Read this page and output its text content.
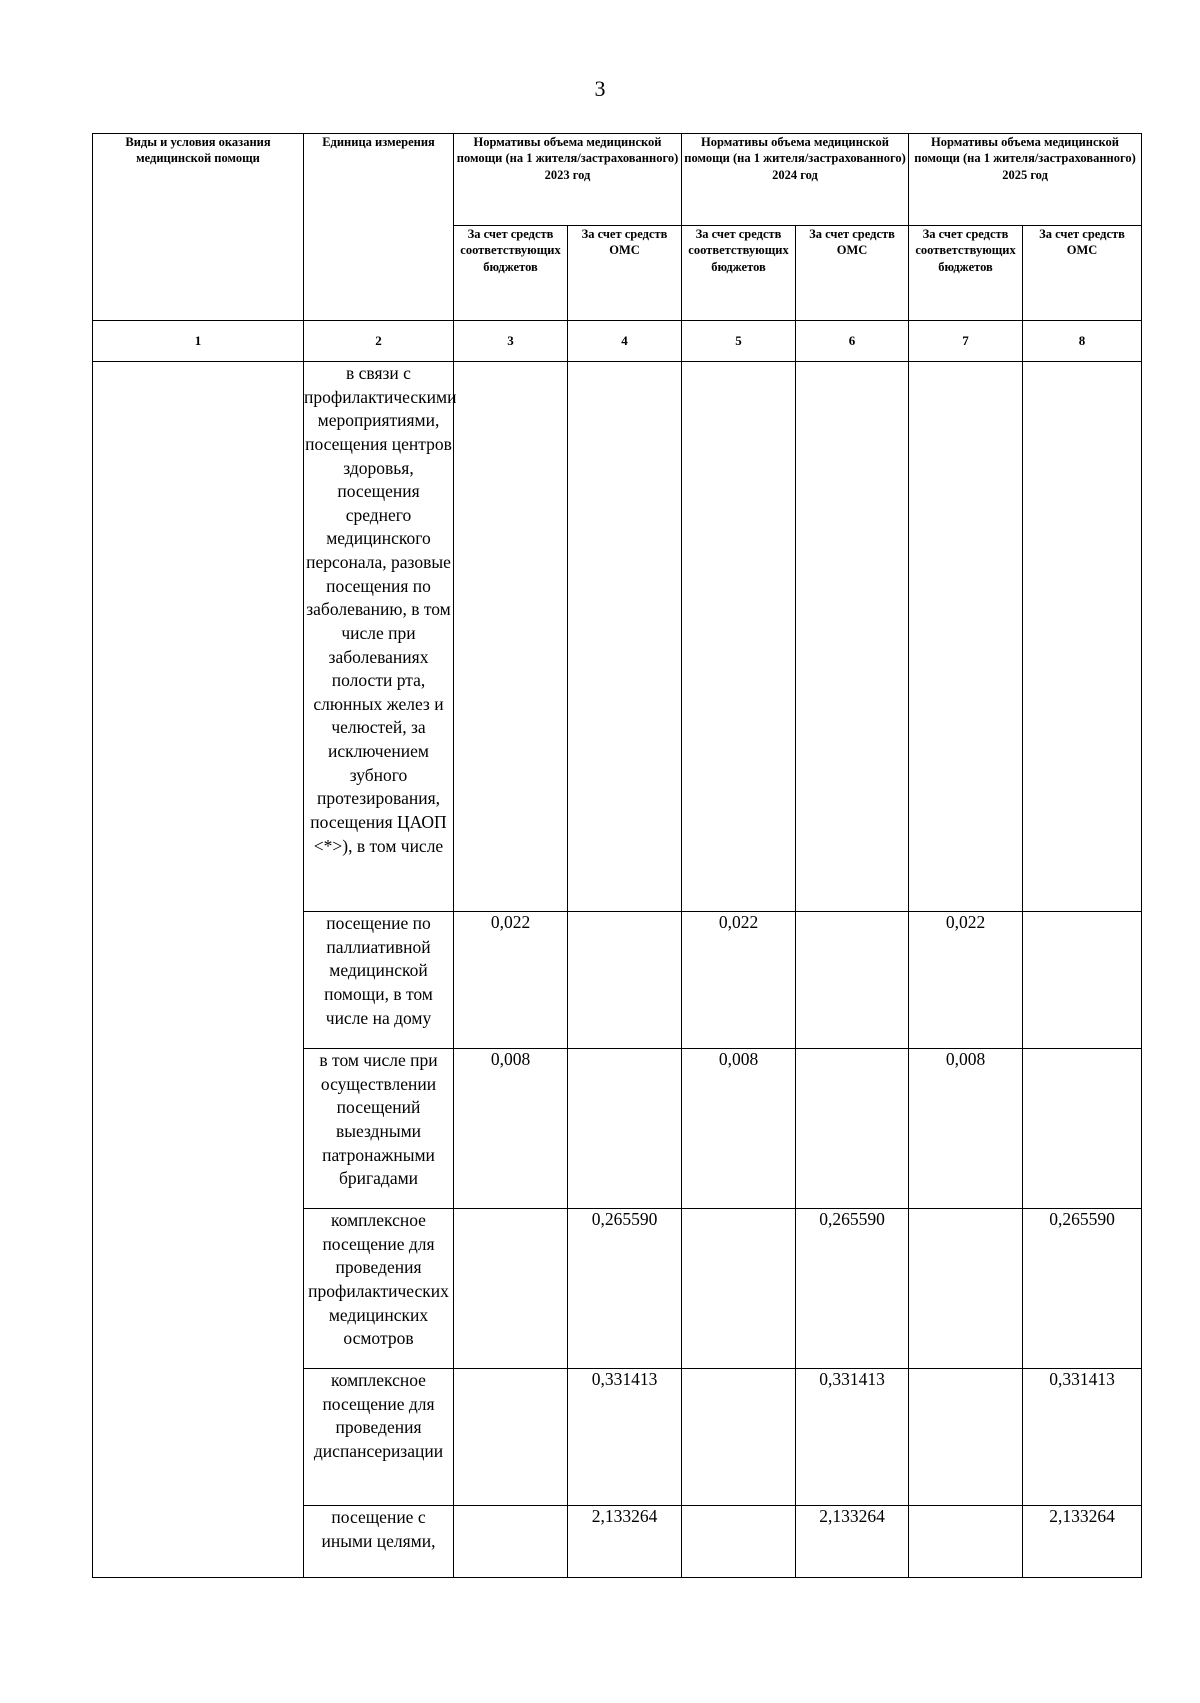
3
Виды и условия оказания медицинской помощи	Единица измерения	Нормативы объема медицинской помощи (на 1 жителя/застрахованного) 2023 год		Нормативы объема медицинской помощи (на 1 жителя/застрахованного) 2024 год		Нормативы объема медицинской помощи (на 1 жителя/застрахованного) 2025 год	
		За счет средств соответствующих бюджетов	За счет средств ОМС	За счет средств соответствующих бюджетов	За счет средств ОМС	За счет средств соответствующих бюджетов	За счет средств ОМС
1	2	3	4	5	6	7	8
	в связи с профилактическими мероприятиями, посещения центров здоровья, посещения среднего медицинского персонала, разовые посещения по заболеванию, в том числе при заболеваниях полости рта, слюнных желез и челюстей, за исключением зубного протезирования, посещения ЦАОП <*>), в том числе						
	посещение по паллиативной медицинской помощи, в том числе на дому	0,022		0,022		0,022	
	в том числе при осуществлении посещений выездными патронажными бригадами	0,008		0,008		0,008	
	комплексное посещение для проведения профилактических медицинских осмотров		0,265590		0,265590		0,265590
	комплексное посещение для проведения диспансеризации		0,331413		0,331413		0,331413
	посещение с иными целями,		2,133264		2,133264		2,133264
